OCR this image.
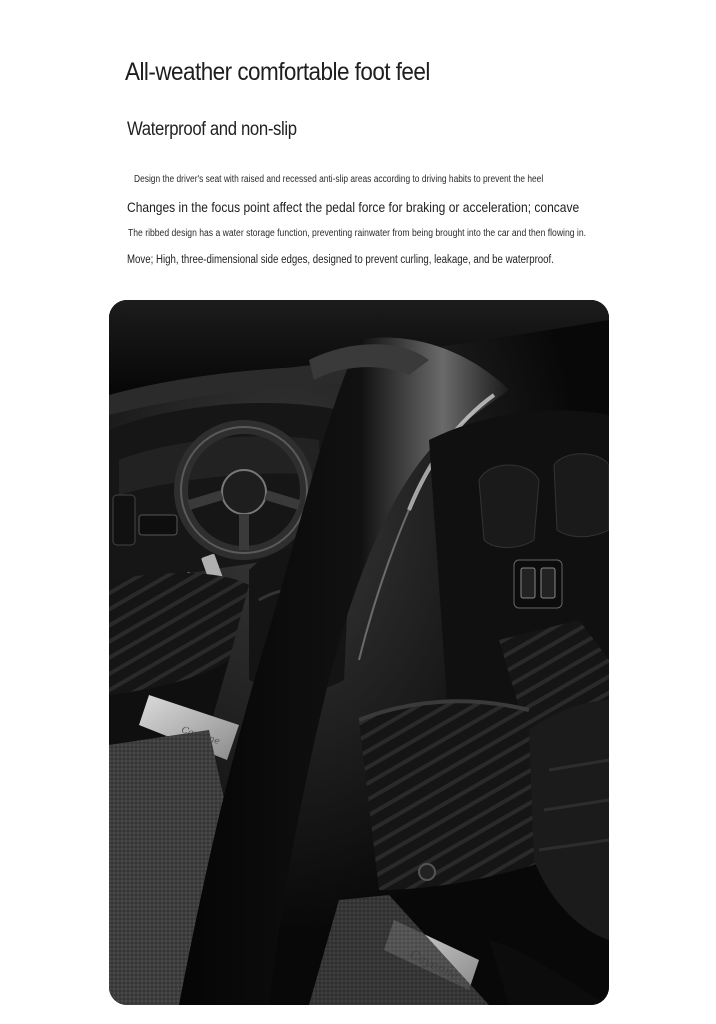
All-weather comfortable foot feel
Waterproof and non-slip

Design the driver's seat with raised and recessed anti-slip areas according to driving habits to prevent the heel

Changes in the focus point affect the pedal force for braking or acceleration; concave

The ribbed design has a water storage function, preventing rainwater from being brought into the car and then flowing in.

Move; High, three-dimensional side edges, designed to prevent curling, leakage, and be waterproof.
